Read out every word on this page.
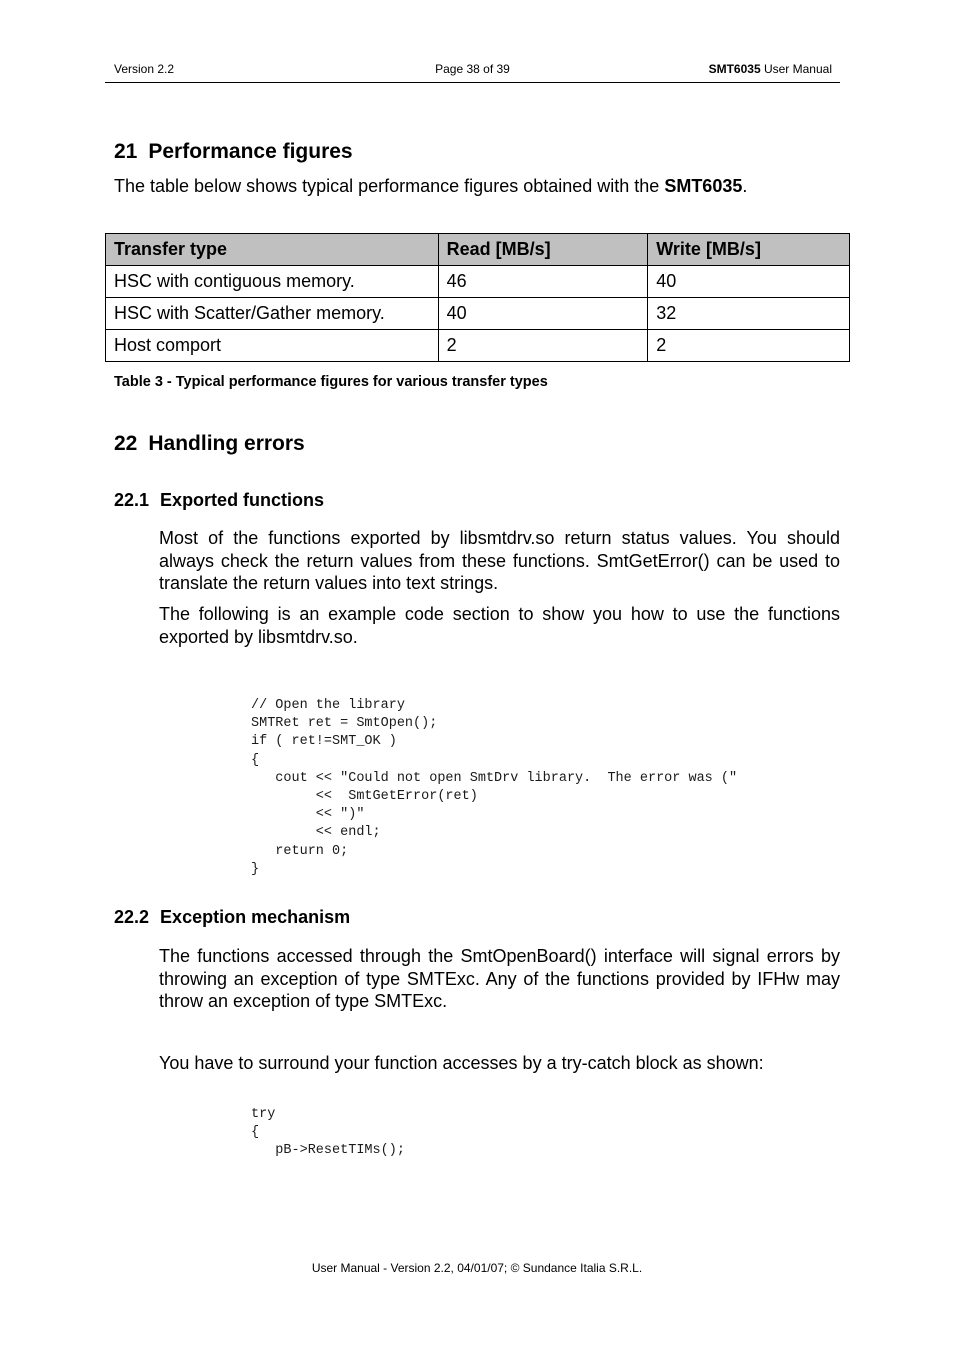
Version 2.2	Page 38 of 39	SMT6035 User Manual
21 Performance figures

The table below shows typical performance figures obtained with the SMT6035.

Transfer type	Read [MB/s]	Write [MB/s]
HSC with contiguous memory.	46	40
HSC with Scatter/Gather memory.	40	32
Host comport	2	2
Table 3 - Typical performance figures for various transfer types
22 Handling errors
22.1 Exported functions

Most of the functions exported by libsmtdrv.so return status values. You should always check the return values from these functions. SmtGetError() can be used to translate the return values into text strings.

The following is an example code section to show you how to use the functions exported by libsmtdrv.so.

// Open the library
SMTRet ret = SmtOpen();
if ( ret!=SMT_OK )
{
cout << "Could not open SmtDrv library.  The error was ("
<<  SmtGetError(ret)
<< ")"
<< endl;
return 0;
}
22.2 Exception mechanism

The functions accessed through the SmtOpenBoard() interface will signal errors by throwing an exception of type SMTExc. Any of the functions provided by IFHw may throw an exception of type SMTExc.

You have to surround your function accesses by a try-catch block as shown:

try
{
pB->ResetTIMs();
User Manual - Version 2.2, 04/01/07; © Sundance Italia S.R.L.
